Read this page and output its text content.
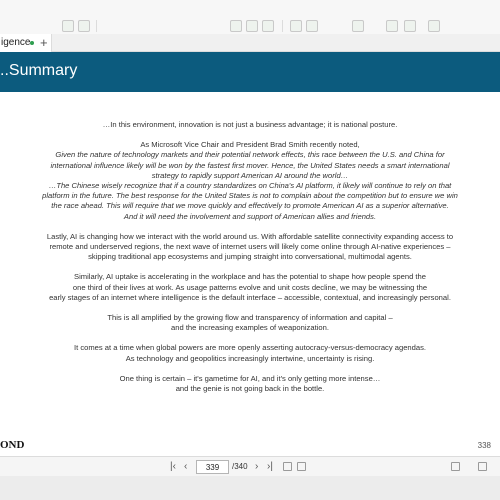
igence +
..Summary
…In this environment, innovation is not just a business advantage; it is national posture.
As Microsoft Vice Chair and President Brad Smith recently noted,
Given the nature of technology markets and their potential network effects, this race between the U.S. and China for
international influence likely will be won by the fastest first mover. Hence, the United States needs a smart international
strategy to rapidly support American AI around the world…
…The Chinese wisely recognize that if a country standardizes on China's AI platform, it likely will continue to rely on that
platform in the future. The best response for the United States is not to complain about the competition but to ensure we win
the race ahead. This will require that we move quickly and effectively to promote American AI as a superior alternative.
And it will need the involvement and support of American allies and friends.
Lastly, AI is changing how we interact with the world around us. With affordable satellite connectivity expanding access to
remote and underserved regions, the next wave of internet users will likely come online through AI-native experiences –
skipping traditional app ecosystems and jumping straight into conversational, multimodal agents.
Similarly, AI uptake is accelerating in the workplace and has the potential to shape how people spend the
one third of their lives at work. As usage patterns evolve and unit costs decline, we may be witnessing the
early stages of an internet where intelligence is the default interface – accessible, contextual, and increasingly personal.
This is all amplified by the growing flow and transparency of information and capital –
and the increasing examples of weaponization.
It comes at a time when global powers are more openly asserting autocracy-versus-democracy agendas.
As technology and geopolitics increasingly intertwine, uncertainty is rising.
One thing is certain – it's gametime for AI, and it's only getting more intense…
and the genie is not going back in the bottle.
OND	338
|‹ ‹
339	/340 › ›|
